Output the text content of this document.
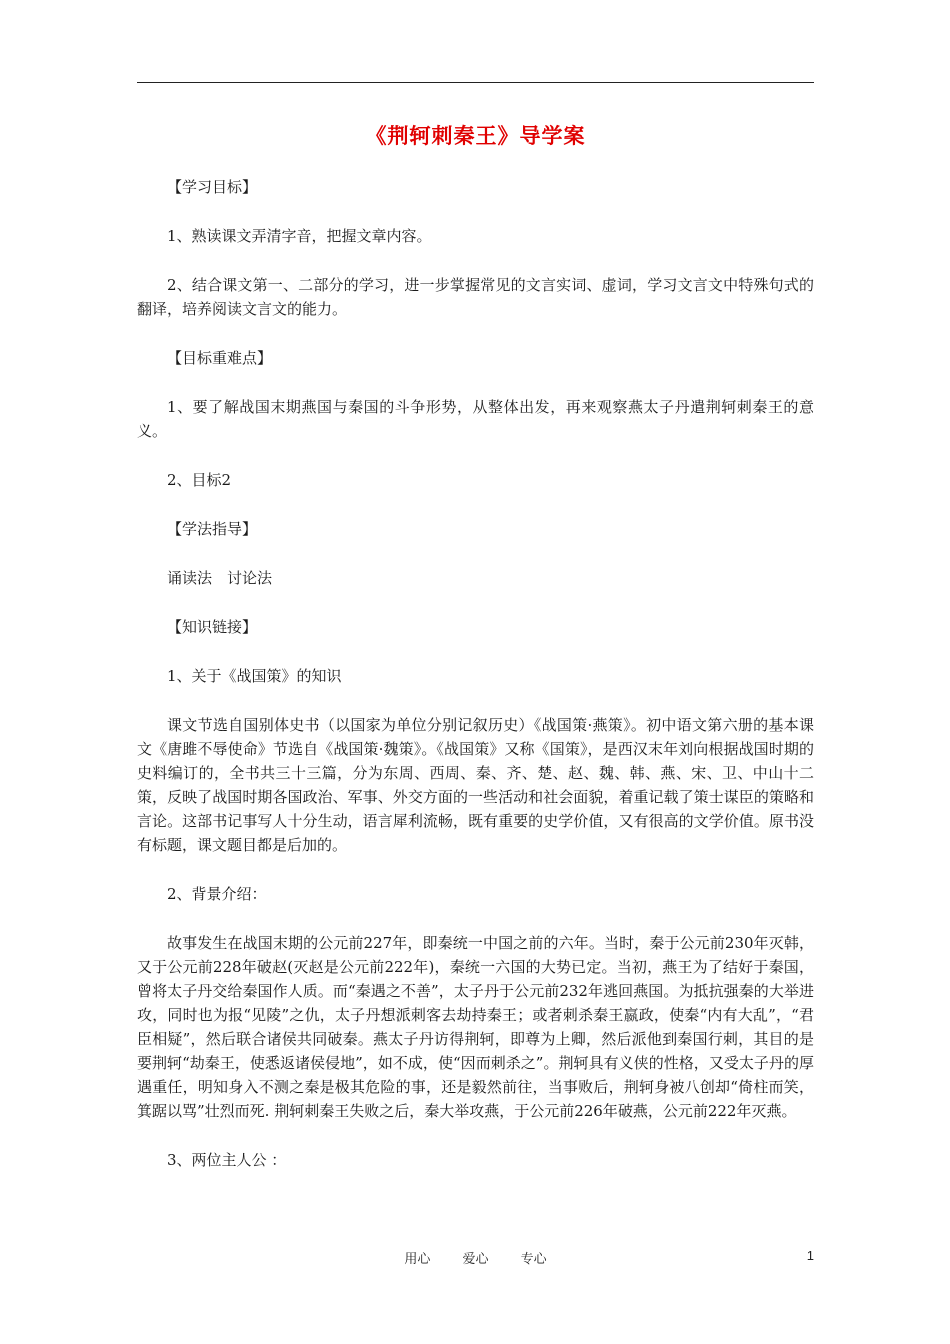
《荆轲刺秦王》导学案

【学习目标】

1、熟读课文弄清字音，把握文章内容。

2、结合课文第一、二部分的学习，进一步掌握常见的文言实词、虚词，学习文言文中特殊句式的翻译，培养阅读文言文的能力。

【目标重难点】

1、要了解战国末期燕国与秦国的斗争形势，从整体出发，再来观察燕太子丹遣荆轲刺秦王的意义。

2、目标2

【学法指导】

诵读法　讨论法

【知识链接】

1、关于《战国策》的知识

课文节选自国别体史书（以国家为单位分别记叙历史）《战国策·燕策》。初中语文第六册的基本课文《唐雎不辱使命》节选自《战国策·魏策》。《战国策》又称《国策》，是西汉末年刘向根据战国时期的史料编订的，全书共三十三篇，分为东周、西周、秦、齐、楚、赵、魏、韩、燕、宋、卫、中山十二策，反映了战国时期各国政治、军事、外交方面的一些活动和社会面貌，着重记载了策士谋臣的策略和言论。这部书记事写人十分生动，语言犀利流畅，既有重要的史学价值，又有很高的文学价值。原书没有标题，课文题目都是后加的。

2、背景介绍：

故事发生在战国末期的公元前227年，即秦统一中国之前的六年。当时，秦于公元前230年灭韩，又于公元前228年破赵(灭赵是公元前222年)，秦统一六国的大势已定。当初，燕王为了结好于秦国，曾将太子丹交给秦国作人质。而“秦遇之不善”，太子丹于公元前232年逃回燕国。为抵抗强秦的大举进攻，同时也为报“见陵”之仇，太子丹想派刺客去劫持秦王；或者刺杀秦王嬴政，使秦“内有大乱”，“君臣相疑”，然后联合诸侯共同破秦。燕太子丹访得荆轲，即尊为上卿，然后派他到秦国行刺，其目的是要荆轲“劫秦王，使悉返诸侯侵地”，如不成，使“因而刺杀之”。荆轲具有义侠的性格，又受太子丹的厚遇重任，明知身入不测之秦是极其危险的事，还是毅然前往，当事败后，荆轲身被八创却“倚柱而笑，箕踞以骂”壮烈而死. 荆轲刺秦王失败之后，秦大举攻燕，于公元前226年破燕，公元前222年灭燕。

3、两位主人公 ：

用心 爱心 专心	1
